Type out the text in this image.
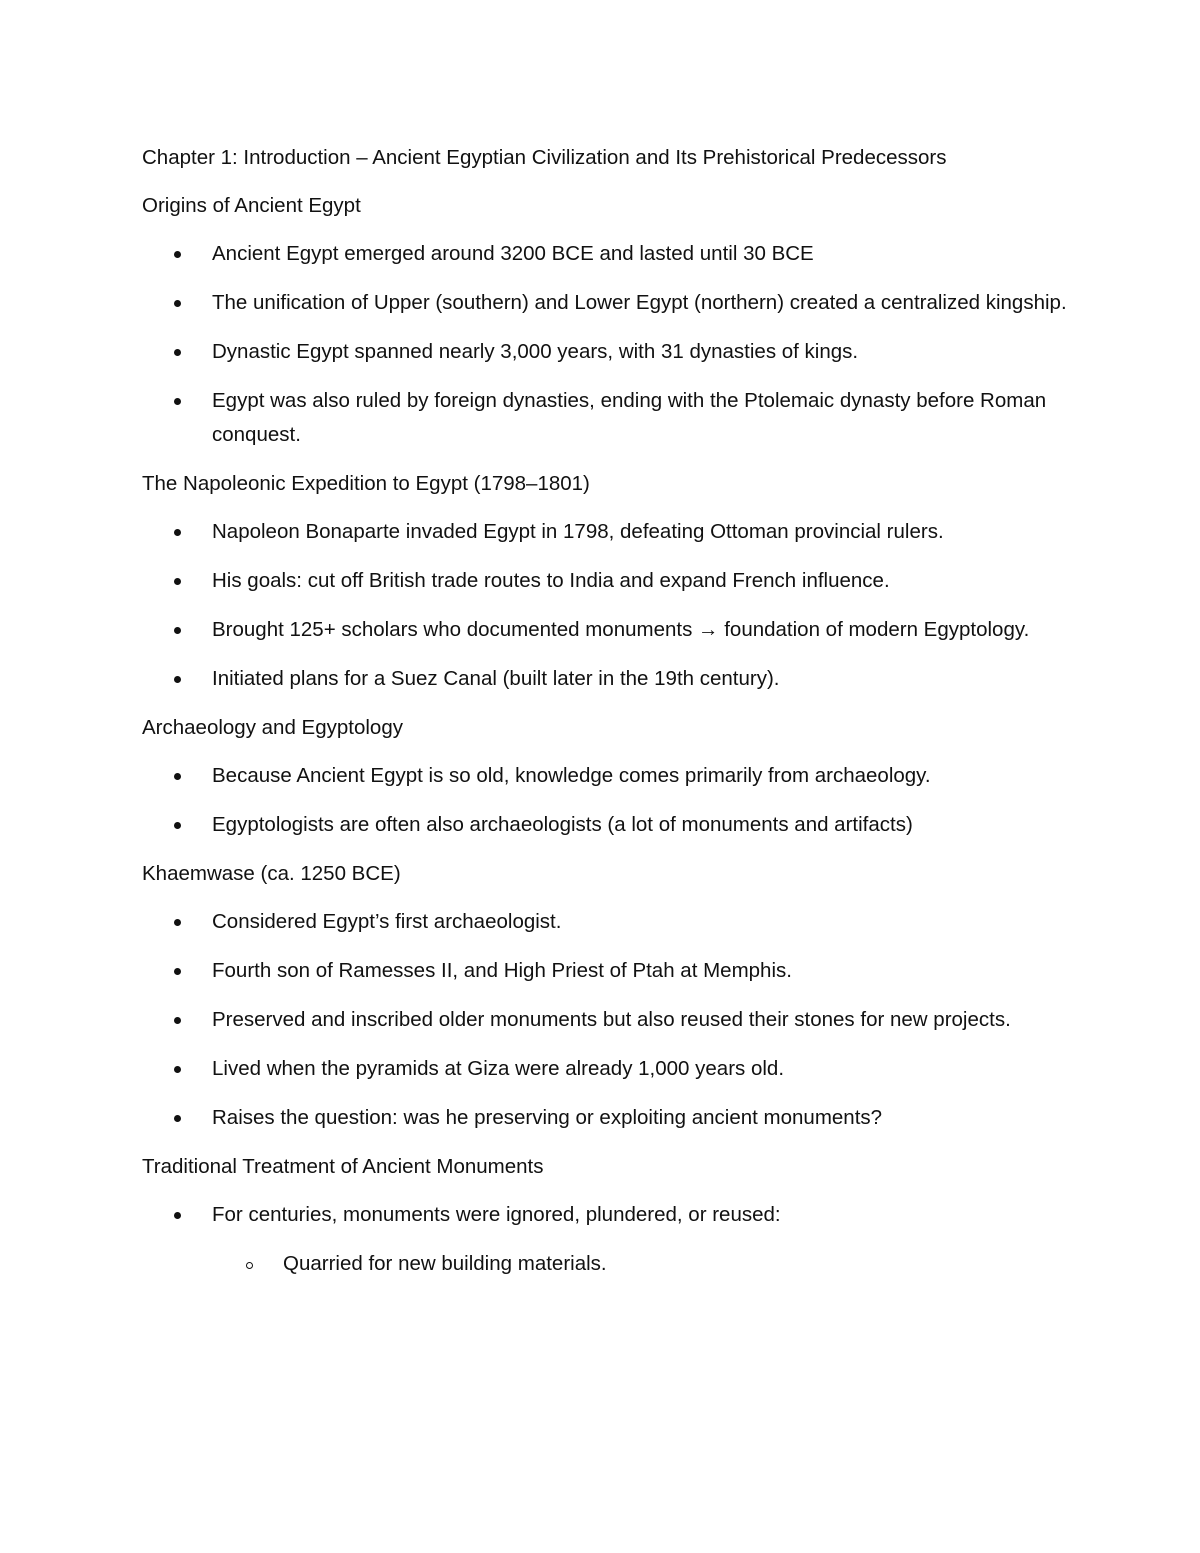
Chapter 1: Introduction – Ancient Egyptian Civilization and Its Prehistorical Predecessors
Origins of Ancient Egypt
Ancient Egypt emerged around 3200 BCE and lasted until 30 BCE
The unification of Upper (southern) and Lower Egypt (northern) created a centralized kingship.
Dynastic Egypt spanned nearly 3,000 years, with 31 dynasties of kings.
Egypt was also ruled by foreign dynasties, ending with the Ptolemaic dynasty before Roman conquest.
The Napoleonic Expedition to Egypt (1798–1801)
Napoleon Bonaparte invaded Egypt in 1798, defeating Ottoman provincial rulers.
His goals: cut off British trade routes to India and expand French influence.
Brought 125+ scholars who documented monuments → foundation of modern Egyptology.
Initiated plans for a Suez Canal (built later in the 19th century).
Archaeology and Egyptology
Because Ancient Egypt is so old, knowledge comes primarily from archaeology.
Egyptologists are often also archaeologists (a lot of monuments and artifacts)
Khaemwase (ca. 1250 BCE)
Considered Egypt’s first archaeologist.
Fourth son of Ramesses II, and High Priest of Ptah at Memphis.
Preserved and inscribed older monuments but also reused their stones for new projects.
Lived when the pyramids at Giza were already 1,000 years old.
Raises the question: was he preserving or exploiting ancient monuments?
Traditional Treatment of Ancient Monuments
For centuries, monuments were ignored, plundered, or reused:
Quarried for new building materials.
